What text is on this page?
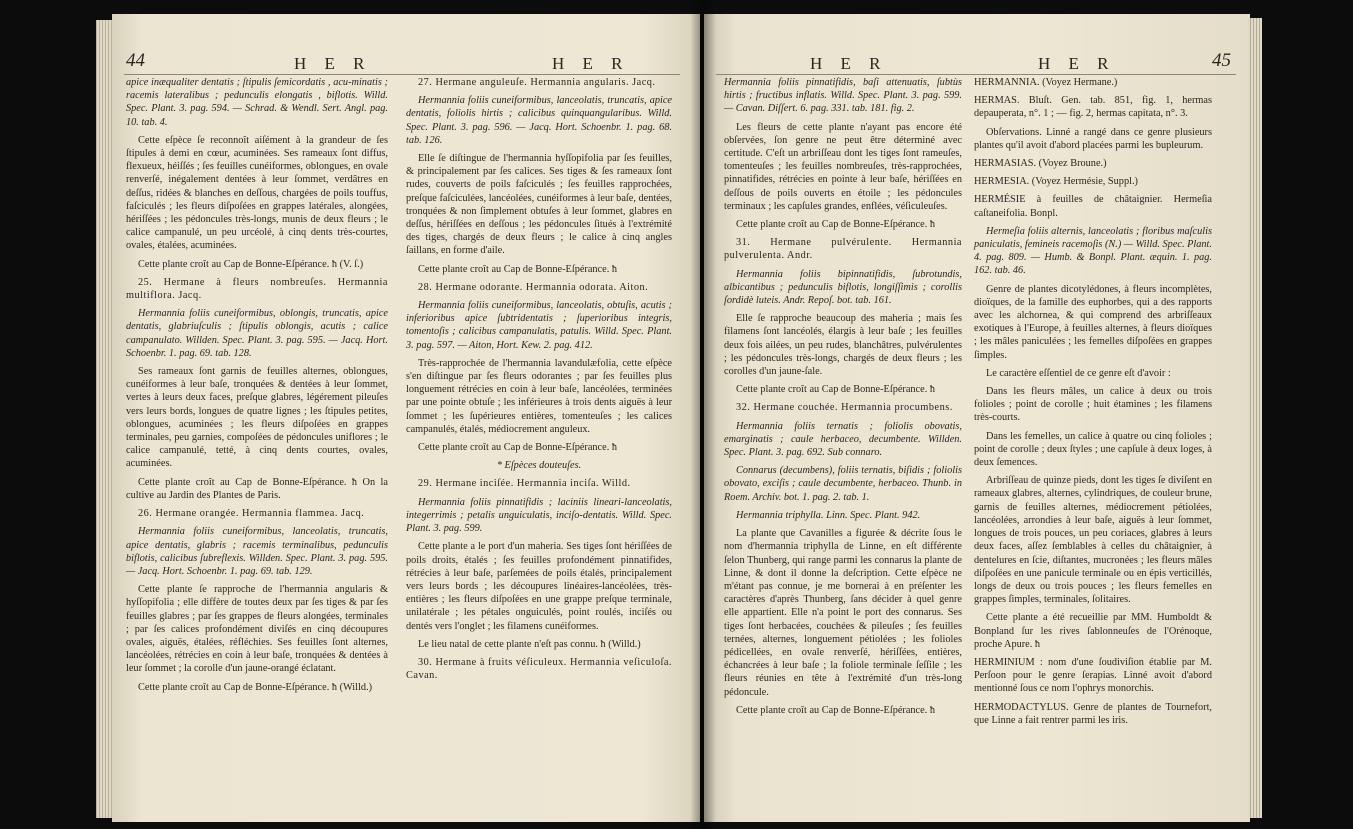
44	H E R	H E R

apice inæqualiter dentatis ; ſtipulis ſemicordatis , acu-minatis ; racemis lateralibus ; pedunculis elongatis , biflotis. Willd. Spec. Plant. 3. pag. 594. — Schrad. & Wendl. Sert. Angl. pag. 10. tab. 4.

Cette eſpèce ſe reconnoît aiſément à la grandeur de ſes ſtipules à demi en cœur, acuminées. Ses rameaux ſont diffus, flexueux, héiſſés ; ſes feuilles cunéiformes, oblongues, en ovale renverſé, inégalement dentées à leur ſommet, verdâtres en deſſus, ridées & blanches en deſſous, chargées de poils touffus, faſciculés ; les fleurs diſpoſées en grappes latérales, alongées, hériſſées ; les pédoncules très-longs, munis de deux fleurs ; le calice campanulé, un peu urcéolé, à cinq dents très-courtes, ovales, étalées, acuminées.

Cette plante croît au Cap de Bonne-Eſpérance. ħ (V. ſ.)

25. Hermane à fleurs nombreuſes. Hermannia multiflora. Jacq.

Hermannia foliis cuneiformibus, oblongis, truncatis, apice dentatis, glabriuſculis ; ſtipulis oblongis, acutis ; calice campanulato. Willden. Spec. Plant. 3. pag. 595. — Jacq. Hort. Schoenbr. 1. pag. 69. tab. 128.

Ses rameaux ſont garnis de feuilles alternes, oblongues, cunéiformes à leur baſe, tronquées & dentées à leur ſommet, vertes à leurs deux faces, preſque glabres, légérement pileuſes vers leurs bords, longues de quatre lignes ; les ſtipules petites, oblongues, acuminées ; les fleurs diſpoſées en grappes terminales, peu garnies, compoſées de pédoncules uniflores ; le calice campanulé, tetté, à cinq dents courtes, ovales, acuminées.

Cette plante croît au Cap de Bonne-Eſpérance. ħ On la cultive au Jardin des Plantes de Paris.

26. Hermane orangée. Hermannia flammea. Jacq.

Hermannia foliis cuneiformibus, lanceolatis, truncatis, apice dentatis, glabris ; racemis terminalibus, pedunculis biflotis, calicibus ſubreflexis. Willden. Spec. Plant. 3. pag. 595. — Jacq. Hort. Schoenbr. 1. pag. 69. tab. 129.

Cette plante ſe rapproche de l'hermannia angularis & hyſſopifolia ; elle diffère de toutes deux par ſes tiges & par ſes feuilles glabres ; par ſes grappes de fleurs alongées, terminales ; par ſes calices profondément diviſés en cinq découpures ovales, aiguës, étalées, réfléchies. Ses feuilles ſont alternes, lancéolées, rétrécies en coin à leur baſe, tronquées & dentées à leur ſommet ; la corolle d'un jaune-orangé éclatant.

Cette plante croît au Cap de Bonne-Eſpérance. ħ (Willd.)

27. Hermane anguleuſe. Hermannia angularis. Jacq.

Hermannia foliis cuneiformibus, lanceolatis, truncatis, apice dentatis, foliolis hirtis ; calicibus quinquangularibus. Willd. Spec. Plant. 3. pag. 596. — Jacq. Hort. Schoenbr. 1. pag. 68. tab. 126.

Elle ſe diſtingue de l'hermannia hyſſopifolia par ſes feuilles, & principalement par ſes calices. Ses tiges & ſes rameaux ſont rudes, couverts de poils faſciculés ; ſes feuilles rapprochées, preſque faſciculées, lancéolées, cunéiformes à leur baſe, dentées, tronquées & non ſimplement obtuſes à leur ſommet, glabres en deſſus, hériſſées en deſſous ; les pédoncules ſitués à l'extrémité des tiges, chargés de deux fleurs ; le calice à cinq angles ſaillans, en forme d'aile.

Cette plante croît au Cap de Bonne-Eſpérance. ħ

28. Hermane odorante. Hermannia odorata. Aiton.

Hermannia foliis cuneiformibus, lanceolatis, obtuſis, acutis ; inferioribus apice ſubtridentatis ; ſuperioribus integris, tomentoſis ; calicibus campanulatis, patulis. Willd. Spec. Plant. 3. pag. 597. — Aiton, Hort. Kew. 2. pag. 412.

Très-rapprochée de l'hermannia lavandulæfolia, cette eſpèce s'en diſtingue par ſes fleurs odorantes ; par ſes feuilles plus longuement rétrécies en coin à leur baſe, lancéolées, terminées par une pointe obtuſe ; les inférieures à trois dents aiguës à leur ſommet ; les ſupérieures entières, tomenteuſes ; les calices campanulés, étalés, médiocrement anguleux.

Cette plante croît au Cap de Bonne-Eſpérance. ħ

* Eſpèces douteuſes.

29. Hermane inciſée. Hermannia inciſa. Willd.

Hermannia foliis pinnatifidis ; laciniis lineari-lanceolatis, integerrimis ; petalis unguiculatis, inciſo-dentatis. Willd. Spec. Plant. 3. pag. 599.

Cette plante a le port d'un maheria. Ses tiges ſont hériſſées de poils droits, étalés ; ſes feuilles profondément pinnatifides, rétrécies à leur baſe, parſemées de poils étalés, principalement vers leurs bords ; les découpures linéaires-lancéolées, très-entières ; les fleurs diſpoſées en une grappe preſque terminale, unilatérale ; les pétales onguiculés, point roulés, inciſés ou dentés vers l'onglet ; les filamens cunéiformes.

Le lieu natal de cette plante n'eſt pas connu. ħ (Willd.)

30. Hermane à fruits véſiculeux. Hermannia veſiculoſa. Cavan.

H E R	H E R	45

Hermannia foliis pinnatifidis, baſi attenuatis, ſubtùs hirtis ; fructibus inflatis. Willd. Spec. Plant. 3. pag. 599. — Cavan. Diſſert. 6. pag. 331. tab. 181. fig. 2.

Les fleurs de cette plante n'ayant pas encore été obſervées, ſon genre ne peut être déterminé avec certitude. C'eſt un arbriſſeau dont les tiges ſont rameuſes, tomenteuſes ; les feuilles nombreuſes, très-rapprochées, pinnatifides, rétrécies en pointe à leur baſe, hériſſées en deſſous de poils ouverts en étoile ; les pédoncules terminaux ; les capſules grandes, enflées, véſiculeuſes.

Cette plante croît au Cap de Bonne-Eſpérance. ħ

31. Hermane pulvérulente. Hermannia pulverulenta. Andr.

Hermannia foliis bipinnatifidis, ſubrotundis, albicantibus ; pedunculis biflotis, longiſſimis ; corollis ſordidè luteis. Andr. Repoſ. bot. tab. 161.

Elle ſe rapproche beaucoup des maheria ; mais ſes filamens ſont lancéolés, élargis à leur baſe ; les feuilles deux fois ailées, un peu rudes, blanchâtres, pulvérulentes ; les pédoncules très-longs, chargés de deux fleurs ; les corolles d'un jaune-ſale.

Cette plante croît au Cap de Bonne-Eſpérance. ħ

32. Hermane couchée. Hermannia procumbens.

Hermannia foliis ternatis ; foliolis obovatis, emarginatis ; caule herbaceo, decumbente. Willden. Spec. Plant. 3. pag. 692. Sub connaro.

Connarus (decumbens), foliis ternatis, biſidis ; foliolis obovato, exciſis ; caule decumbente, herbaceo. Thunb. in Roem. Archiv. bot. 1. pag. 2. tab. 1.

Hermannia triphylla. Linn. Spec. Plant. 942.

La plante que Cavanilles a figurée & décrite ſous le nom d'hermannia triphylla de Linne, en eſt différente ſelon Thunberg, qui range parmi les connarus la plante de Linne, & dont il donne la deſcription. Cette eſpèce ne m'étant pas connue, je me bornerai à en préſenter les caractères d'après Thunberg, ſans décider à quel genre elle appartient. Elle n'a point le port des connarus. Ses tiges ſont herbacées, couchées & pileuſes ; ſes feuilles ternées, alternes, longuement pétiolées ; les folioles pédicellées, en ovale renverſé, hériſſées, entières, échancrées à leur baſe ; la foliole terminale ſeſſile ; les fleurs réunies en tête à l'extrémité d'un très-long pédoncule.

Cette plante croît au Cap de Bonne-Eſpérance. ħ

HERMANNIA. (Voyez Hermane.)

HERMAS. Bluſt. Gen. tab. 851, fig. 1, hermas depauperata, n°. 1 ; — fig. 2, hermas capitata, n°. 3.

Obſervations. Linné a rangé dans ce genre plusieurs plantes qu'il avoit d'abord placées parmi les bupleurum.

HERMASIAS. (Voyez Broune.)

HERMESIA. (Voyez Hermésie, Suppl.)

HERMÉSIE à feuilles de châtaignier. Hermeſia caſtaneifolia. Bonpl.

Hermeſia foliis alternis, lanceolatis ; floribus maſculis paniculatis, femineis racemoſis (N.) — Willd. Spec. Plant. 4. pag. 809. — Humb. & Bonpl. Plant. æquin. 1. pag. 162. tab. 46.

Genre de plantes dicotylédones, à fleurs incomplètes, dioïques, de la famille des euphorbes, qui a des rapports avec les alchornea, & qui comprend des arbriſſeaux exotiques à l'Europe, à feuilles alternes, à fleurs dioïques ; les mâles paniculées ; les femelles diſpoſées en grappes ſimples.

Le caractère eſſentiel de ce genre eſt d'avoir :

Dans les fleurs mâles, un calice à deux ou trois folioles ; point de corolle ; huit étamines ; les filamens très-courts.

Dans les femelles, un calice à quatre ou cinq folioles ; point de corolle ; deux ſtyles ; une capſule à deux loges, à deux ſemences.

Arbriſſeau de quinze pieds, dont les tiges ſe diviſent en rameaux glabres, alternes, cylindriques, de couleur brune, garnis de feuilles alternes, médiocrement pétiolées, lancéolées, arrondies à leur baſe, aiguës à leur ſommet, longues de trois pouces, un peu coriaces, glabres à leurs deux faces, aſſez ſemblables à celles du châtaignier, à dentelures en ſcie, diſtantes, mucronées ; les fleurs mâles diſpoſées en une panicule terminale ou en épis verticillés, longs de deux ou trois pouces ; les fleurs femelles en grappes ſimples, terminales, ſolitaires.

Cette plante a été recueillie par MM. Humboldt & Bonpland ſur les rives ſablonneuſes de l'Orénoque, proche Apure. ħ

HERMINIUM : nom d'une ſoudiviſion établie par M. Perſoon pour le genre ſerapias. Linné avoit d'abord mentionné ſous ce nom l'ophrys monorchis.

HERMODACTYLUS. Genre de plantes de Tournefort, que Linne a fait rentrer parmi les iris.
